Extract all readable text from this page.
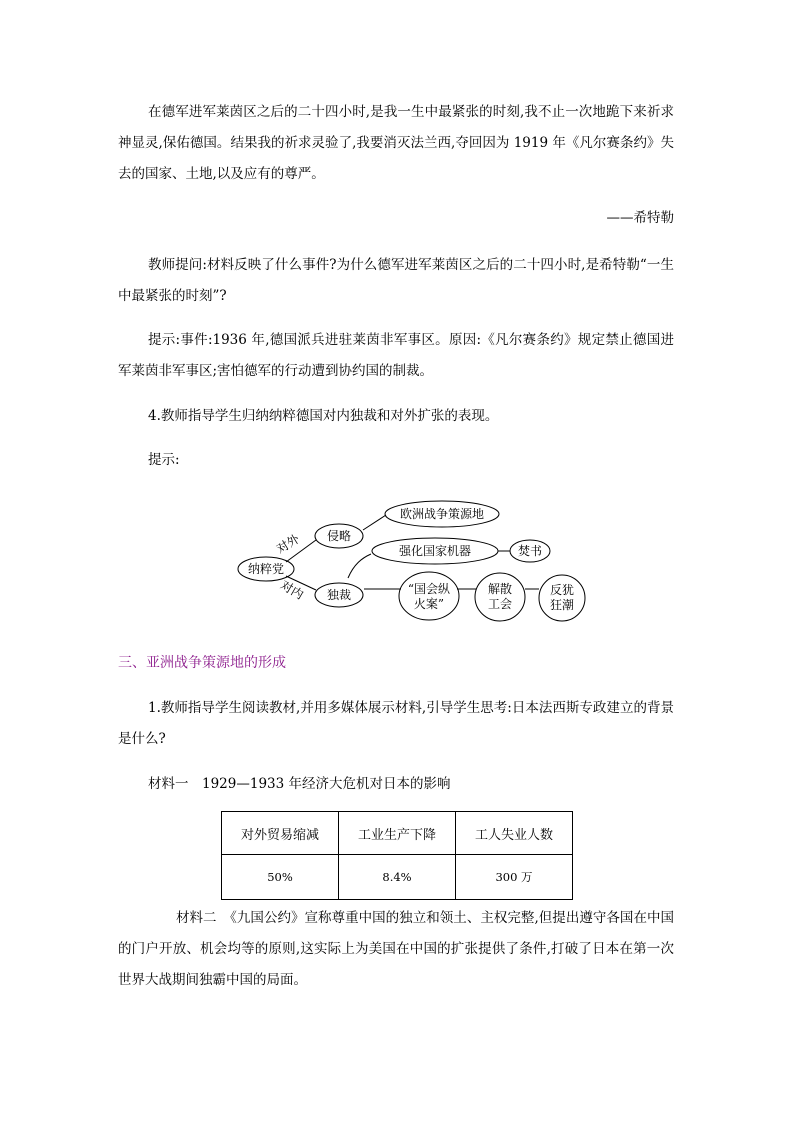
在德军进军莱茵区之后的二十四小时,是我一生中最紧张的时刻,我不止一次地跪下来祈求神显灵,保佑德国。结果我的祈求灵验了,我要消灭法兰西,夺回因为 1919 年《凡尔赛条约》失去的国家、土地,以及应有的尊严。

——希特勒

教师提问:材料反映了什么事件?为什么德军进军莱茵区之后的二十四小时,是希特勒“一生中最紧张的时刻”?

提示:事件:1936 年,德国派兵进驻莱茵非军事区。原因:《凡尔赛条约》规定禁止德国进军莱茵非军事区;害怕德军的行动遭到协约国的制裁。

4.教师指导学生归纳纳粹德国对内独裁和对外扩张的表现。

提示:

纳粹党
对外
对内
侵略
欧洲战争策源地
独裁
强化国家机器	焚书
“国会纵
火案”
解散
工会
反犹
狂潮

三、亚洲战争策源地的形成

1.教师指导学生阅读教材,并用多媒体展示材料,引导学生思考:日本法西斯专政建立的背景是什么?

材料一　1929—1933 年经济大危机对日本的影响

对外贸易缩减	工业生产下降	工人失业人数
50%	8.4%	300 万

材料二　《九国公约》宣称尊重中国的独立和领土、主权完整,但提出遵守各国在中国的门户开放、机会均等的原则,这实际上为美国在中国的扩张提供了条件,打破了日本在第一次世界大战期间独霸中国的局面。
